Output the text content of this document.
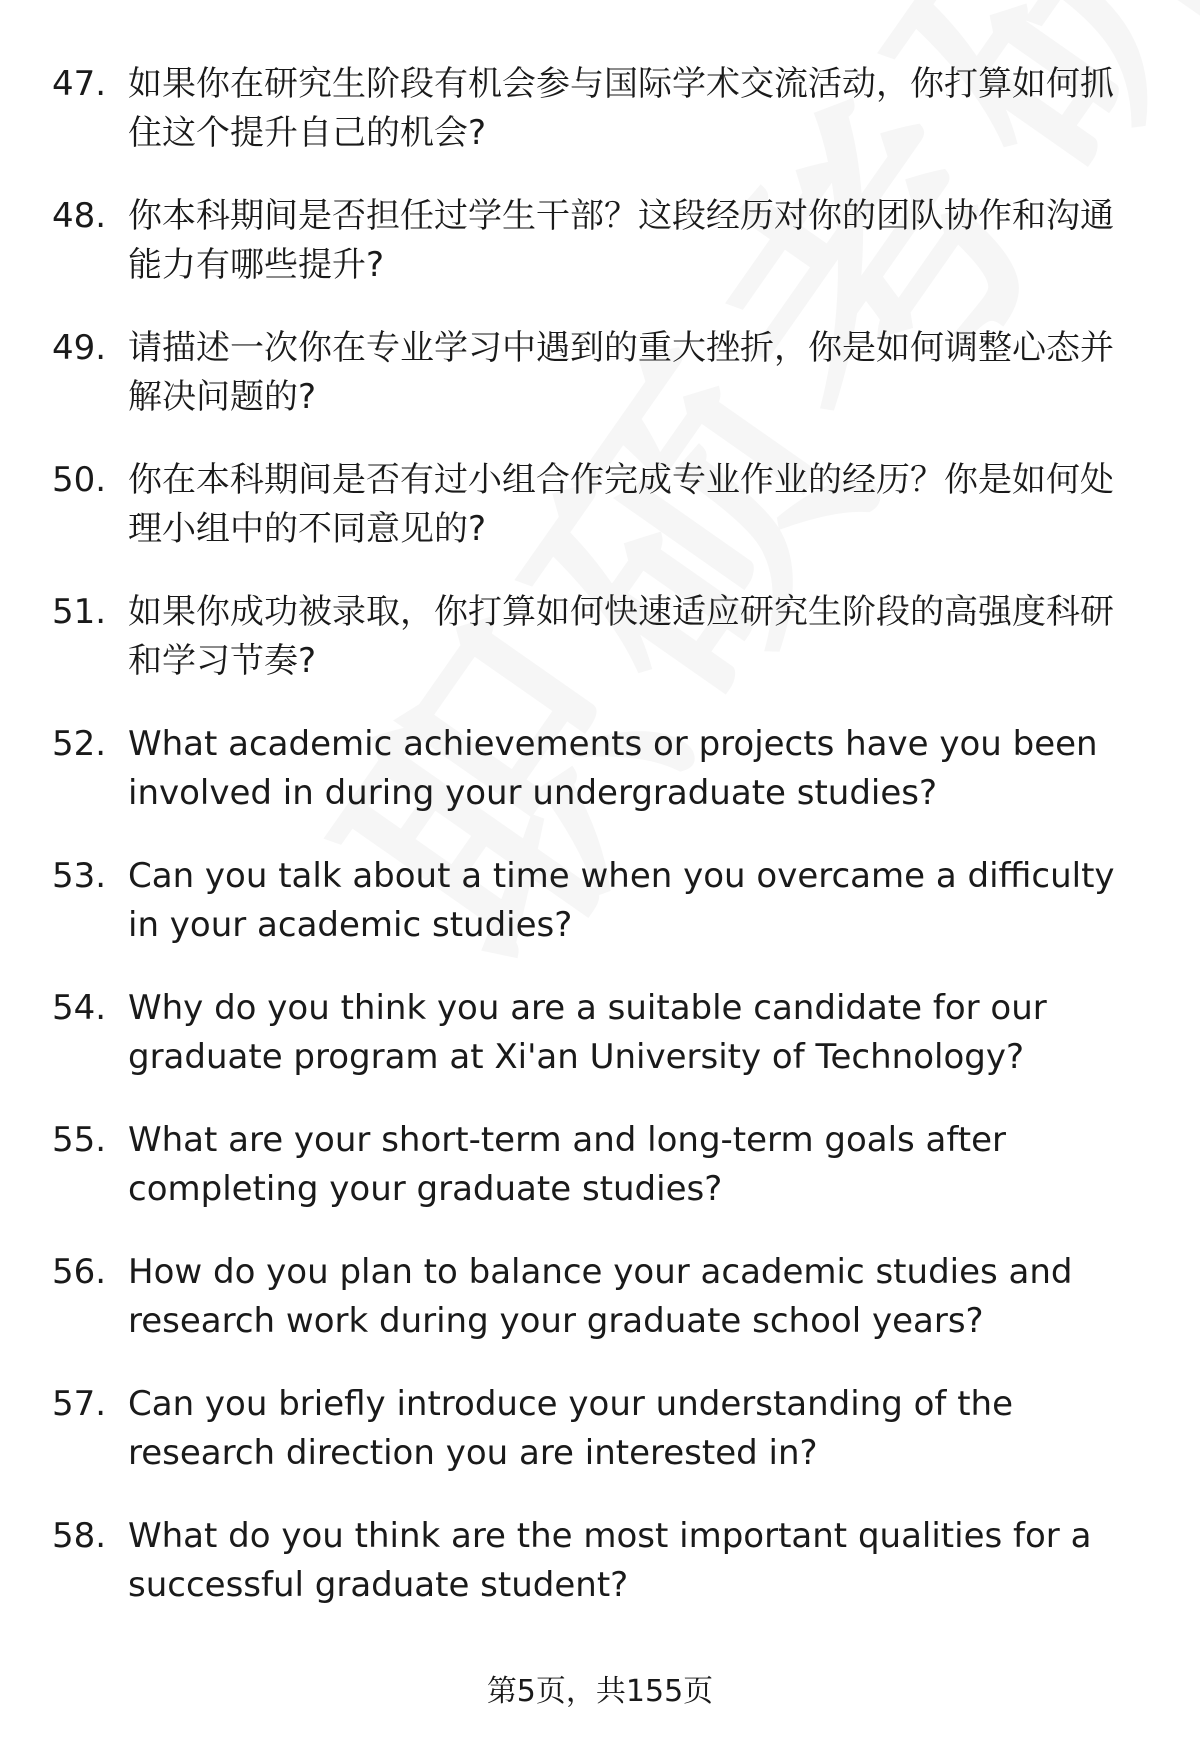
47. 如果你在研究生阶段有机会参与国际学术交流活动，你打算如何抓住这个提升自己的机会?
48. 你本科期间是否担任过学生干部？这段经历对你的团队协作和沟通能力有哪些提升?
49. 请描述一次你在专业学习中遇到的重大挫折，你是如何调整心态并解决问题的?
50. 你在本科期间是否有过小组合作完成专业作业的经历？你是如何处理小组中的不同意见的?
51. 如果你成功被录取，你打算如何快速适应研究生阶段的高强度科研和学习节奏?
52. What academic achievements or projects have you been involved in during your undergraduate studies?
53. Can you talk about a time when you overcame a difficulty in your academic studies?
54. Why do you think you are a suitable candidate for our graduate program at Xi'an University of Technology?
55. What are your short-term and long-term goals after completing your graduate studies?
56. How do you plan to balance your academic studies and research work during your graduate school years?
57. Can you briefly introduce your understanding of the research direction you are interested in?
58. What do you think are the most important qualities for a successful graduate student?
第5页，共155页
